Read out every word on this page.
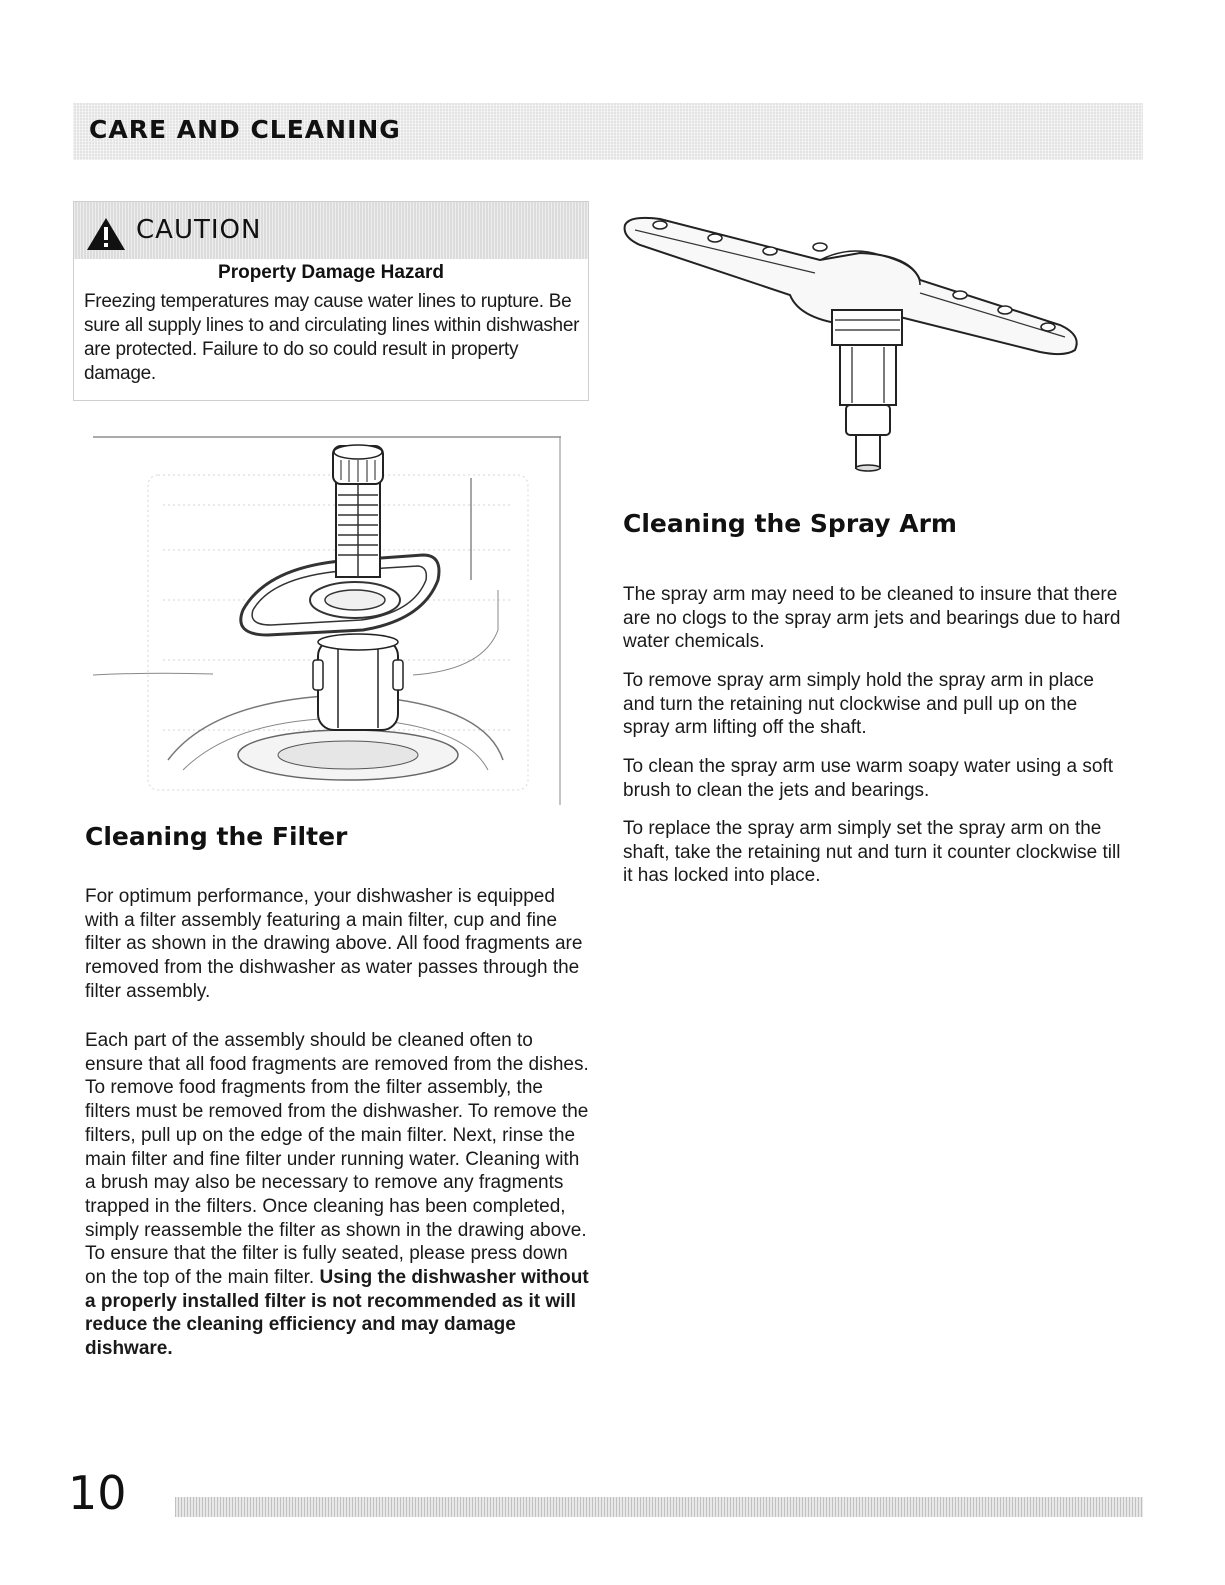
CARE AND CLEANING
CAUTION
Property Damage Hazard
Freezing temperatures may cause water lines to rupture. Be sure all supply lines to and circulating lines within dishwasher are protected. Failure to do so could result in property damage.
Cleaning the Filter

For optimum performance, your dishwasher is equipped with a filter assembly featuring a main filter, cup and fine filter as shown in the drawing above. All food fragments are removed from the dishwasher as water passes through the filter assembly.

Each part of the assembly should be cleaned often to ensure that all food fragments are removed from the dishes. To remove food fragments from the filter assembly, the filters must be removed from the dishwasher. To remove the filters, pull up on the edge of the main filter. Next, rinse the main filter and fine filter under running water. Cleaning with a brush may also be necessary to remove any fragments trapped in the filters. Once cleaning has been completed, simply reassemble the filter as shown in the drawing above. To ensure that the filter is fully seated, please press down on the top of the main filter. Using the dishwasher without a properly installed filter is not recommended as it will reduce the cleaning efficiency and may damage dishware.

Cleaning the Spray Arm

The spray arm may need to be cleaned to insure that there are no clogs to the spray arm jets and bearings due to hard water chemicals.

To remove spray arm simply hold the spray arm in place and turn the retaining nut clockwise and pull up on the spray arm lifting off the shaft.

To clean the spray arm use warm soapy water using a soft brush to clean the jets and bearings.

To replace the spray arm simply set the spray arm on the shaft, take the retaining nut and turn it counter clockwise till it has locked into place.

10
